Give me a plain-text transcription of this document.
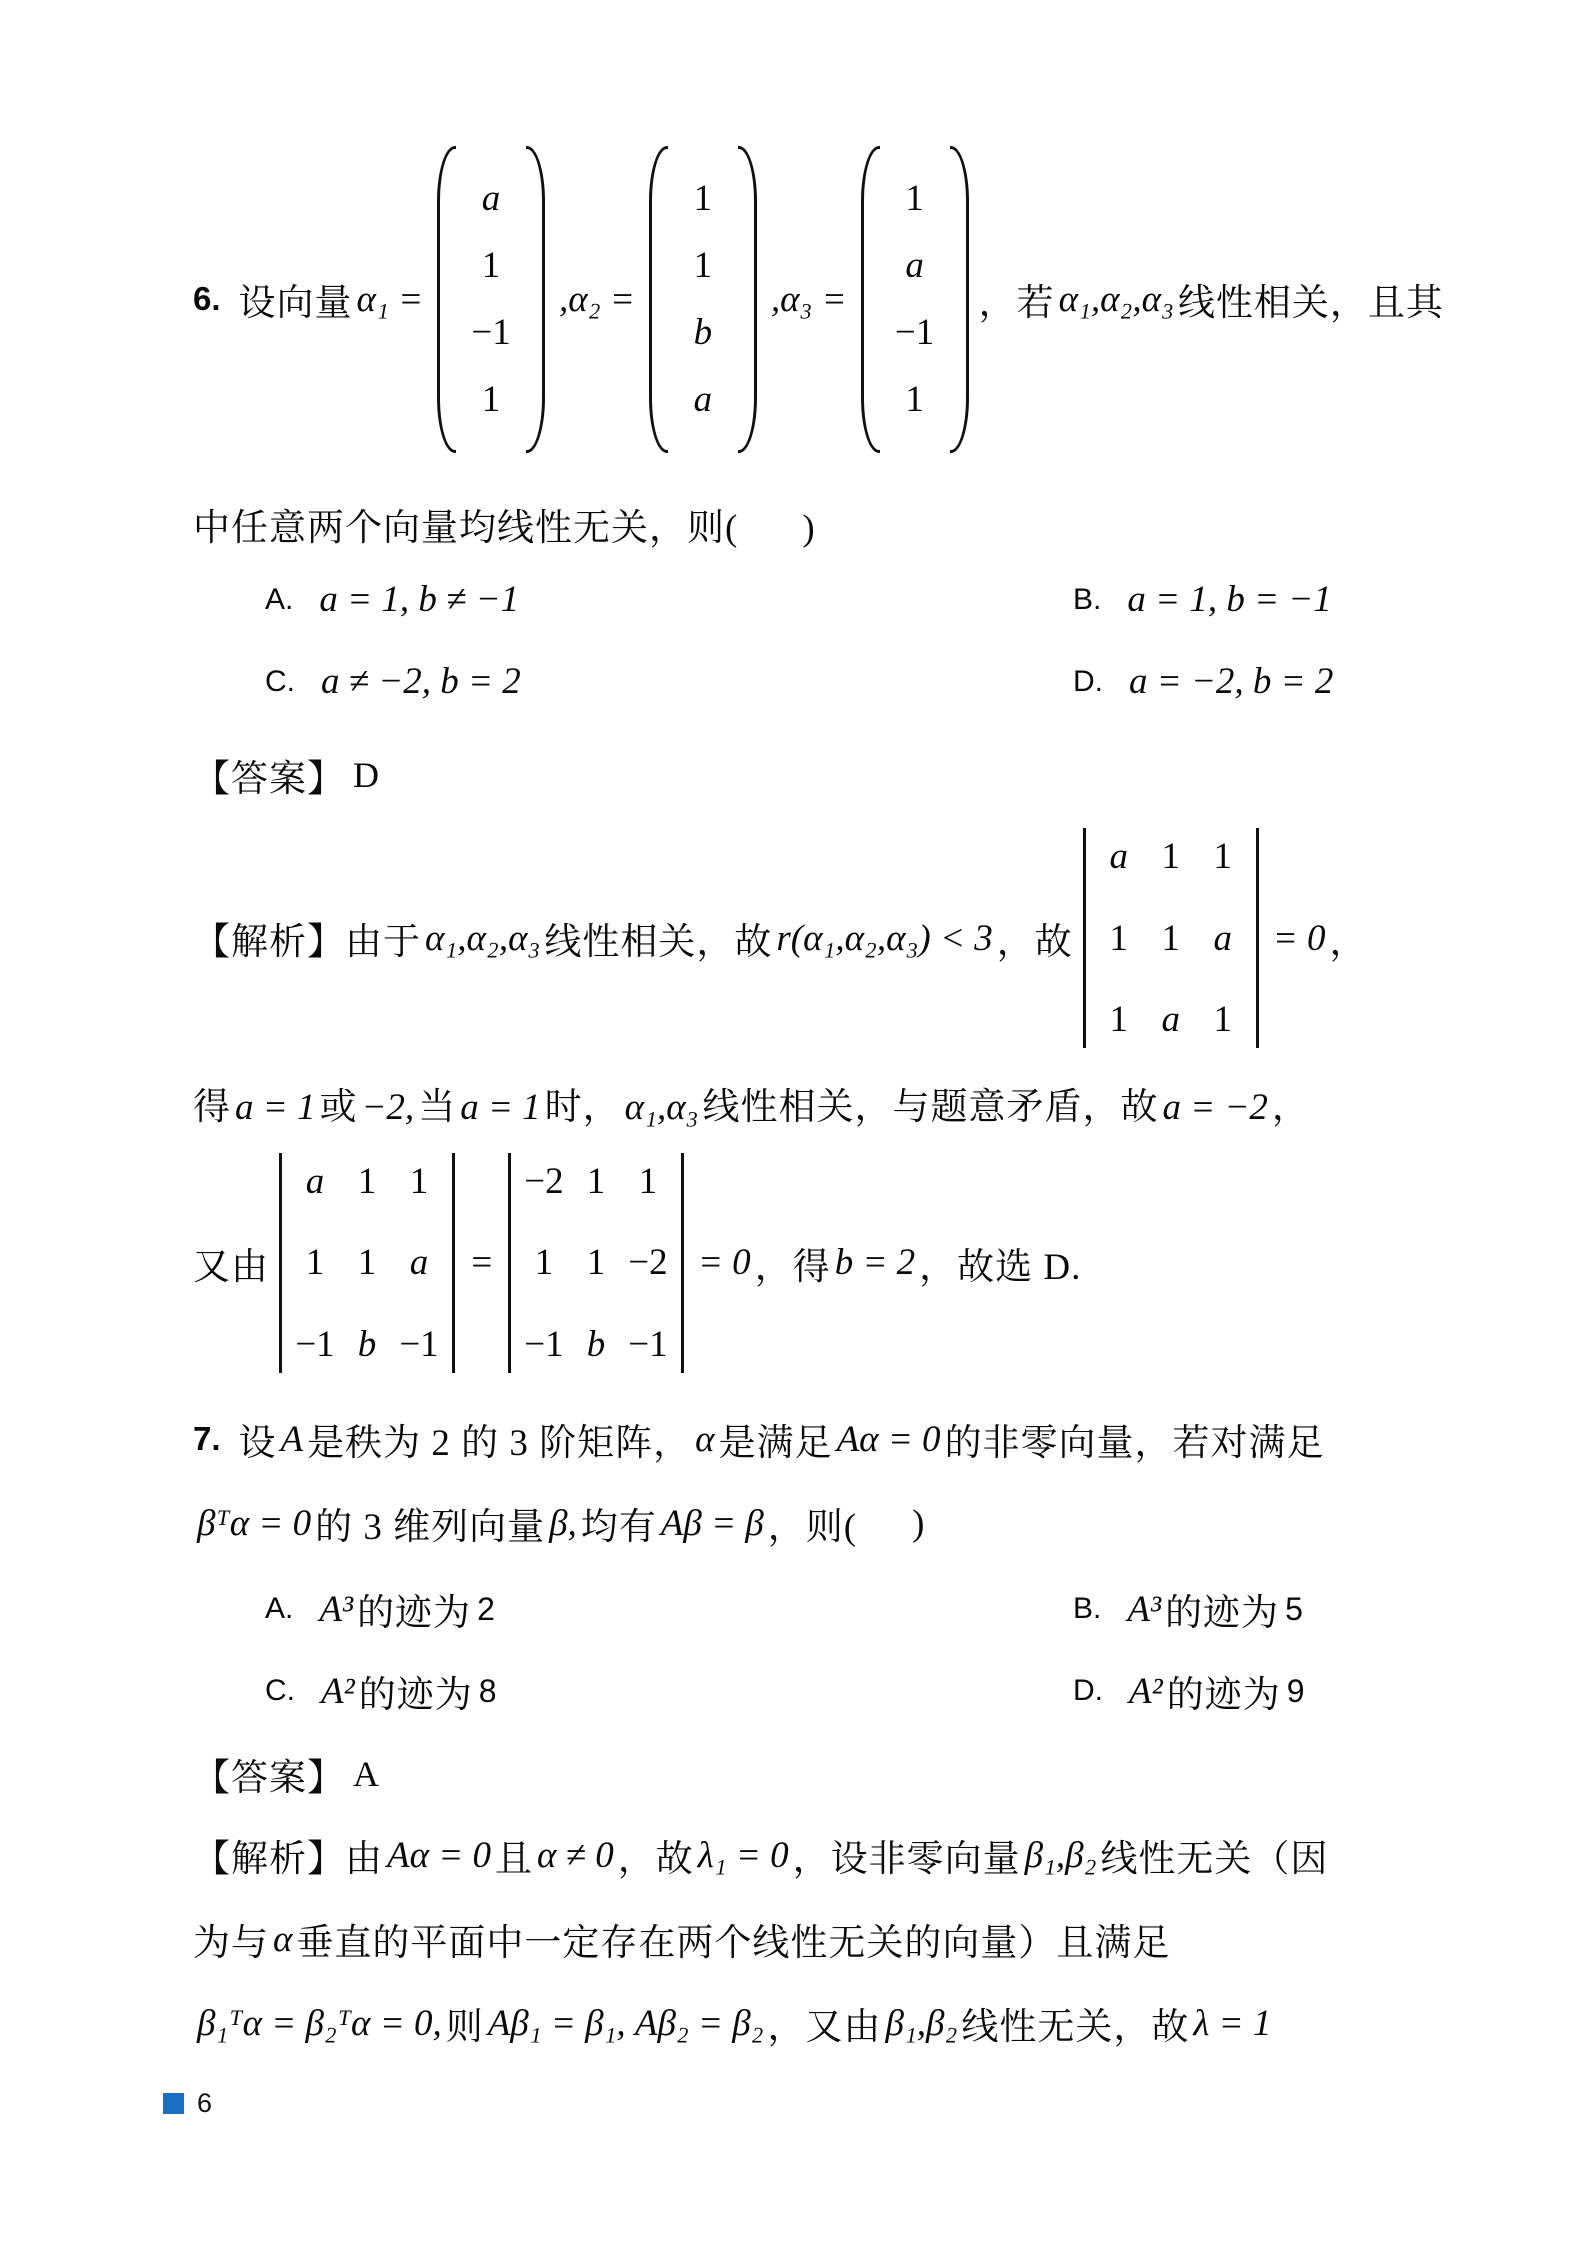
6. 设向量 α₁ =
a
1
−1
1
,α₂ =
1
1
b
a
,α₃ =
1
a
−1
1
，若 α₁,α₂,α₃ 线性相关，且其
中任意两个向量均线性无关，则( )
A. a = 1, b ≠ −1	B. a = 1, b = −1
C. a ≠ −2, b = 2	D. a = −2, b = 2
【答案】 D
【解析】由于 α₁,α₂,α₃ 线性相关，故 r(α₁,α₂,α₃) < 3 ，故
a 1 1
1 1 a
1 a 1
= 0 ，
得 a = 1 或 −2, 当 a = 1 时， α₁,α₃ 线性相关，与题意矛盾，故 a = −2 ，
又由
a 1 1
1 1 a
−1 b −1
=
−2 1 1
1 1 −2
−1 b −1
= 0 ，得 b = 2 ，故选 D.
7. 设 A 是秩为 2 的 3 阶矩阵， α 是满足 Aα = 0 的非零向量，若对满足
βᵀα = 0 的 3 维列向量 β, 均有 Aβ = β ，则( )
A. A³ 的迹为 2	B. A³ 的迹为 5
C. A² 的迹为 8	D. A² 的迹为 9
【答案】 A
【解析】由 Aα = 0 且 α ≠ 0 ，故 λ₁ = 0 ，设非零向量 β₁,β₂ 线性无关（因
为与 α 垂直的平面中一定存在两个线性无关的向量）且满足
β₁ᵀα = β₂ᵀα = 0, 则 Aβ₁ = β₁, Aβ₂ = β₂ ，又由 β₁,β₂ 线性无关，故 λ = 1
6
